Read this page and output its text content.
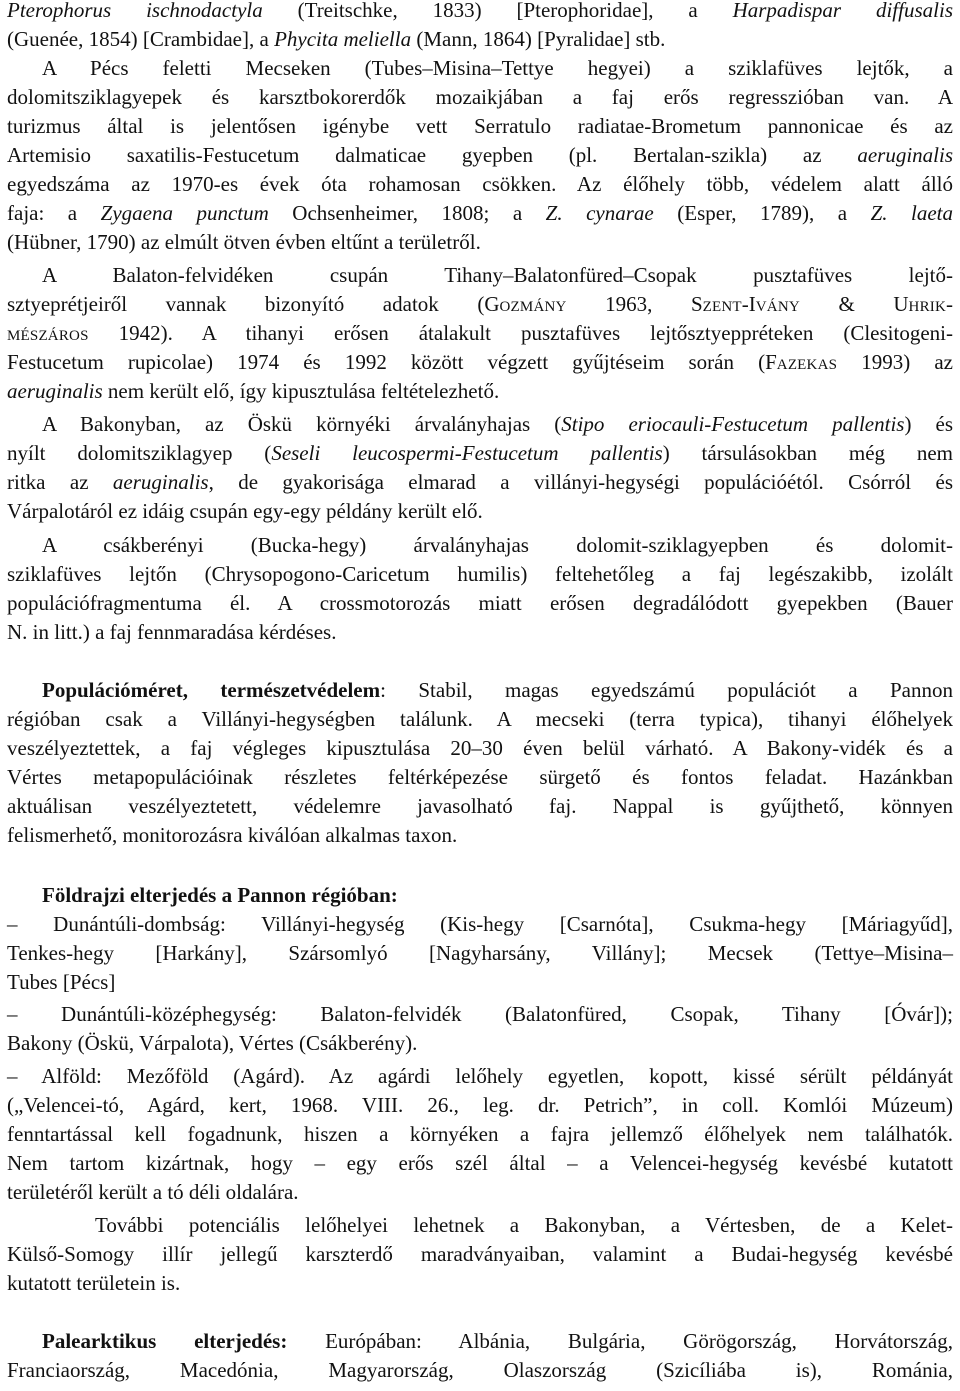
Pterophorus ischnodactyla (Treitschke, 1833) [Pterophoridae], a Harpadispar diffusalis
(Guenée, 1854) [Crambidae], a Phycita meliella (Mann, 1864) [Pyralidae] stb.
A Pécs feletti Mecseken (Tubes–Misina–Tettye hegyei) a sziklafüves lejtők, a
dolomitsziklagyepek és karsztbokorerdők mozaikjában a faj erős regresszióban van. A
turizmus által is jelentősen igénybe vett Serratulo radiatae-Brometum pannonicae és az
Artemisio saxatilis-Festucetum dalmaticae gyepben (pl. Bertalan-szikla) az aeruginalis
egyedszáma az 1970-es évek óta rohamosan csökken. Az élőhely több, védelem alatt álló
faja: a Zygaena punctum Ochsenheimer, 1808; a Z. cynarae (Esper, 1789), a Z. laeta
(Hübner, 1790) az elmúlt ötven évben eltűnt a területről.
A Balaton-felvidéken csupán Tihany–Balatonfüred–Csopak pusztafüves lejtő-
sztyeprétjeiről vannak bizonyító adatok (GOZMÁNY 1963, SZENT-IVÁNY & UHRIK-
MÉSZÁROS 1942). A tihanyi erősen átalakult pusztafüves lejtősztyeppréteken (Clesitogeni-
Festucetum rupicolae) 1974 és 1992 között végzett gyűjtéseim során (FAZEKAS 1993) az
aeruginalis nem került elő, így kipusztulása feltételezhető.
A Bakonyban, az Öskü környéki árvalányhajas (Stipo eriocauli-Festucetum pallentis) és
nyílt dolomitsziklagyep (Seseli leucospermi-Festucetum pallentis) társulásokban még nem
ritka az aeruginalis, de gyakorisága elmarad a villányi-hegységi populációétól. Csórról és
Várpalotáról ez idáig csupán egy-egy példány került elő.
A csákberényi (Bucka-hegy) árvalányhajas dolomit-sziklagyepben és dolomit-
sziklafüves lejtőn (Chrysopogono-Caricetum humilis) feltehetőleg a faj legészakibb, izolált
populációfragmentuma él. A crossmotorozás miatt erősen degradálódott gyepekben (Bauer
N. in litt.) a faj fennmaradása kérdéses.
Populációméret, természetvédelem: Stabil, magas egyedszámú populációt a Pannon
régióban csak a Villányi-hegységben találunk. A mecseki (terra typica), tihanyi élőhelyek
veszélyeztettek, a faj végleges kipusztulása 20–30 éven belül várható. A Bakony-vidék és a
Vértes metapopulációinak részletes feltérképezése sürgető és fontos feladat. Hazánkban
aktuálisan veszélyeztetett, védelemre javasolható faj. Nappal is gyűjthető, könnyen
felismerhető, monitorozásra kiválóan alkalmas taxon.
Földrajzi elterjedés a Pannon régióban:
– Dunántúli-dombság: Villányi-hegység (Kis-hegy [Csarnóta], Csukma-hegy [Máriagyűd],
Tenkes-hegy [Harkány], Szársomlyó [Nagyharsány, Villány]; Mecsek (Tettye–Misina–
Tubes [Pécs]
– Dunántúli-középhegység: Balaton-felvidék (Balatonfüred, Csopak, Tihany [Óvár]);
Bakony (Öskü, Várpalota), Vértes (Csákberény).
– Alföld: Mezőföld (Agárd). Az agárdi lelőhely egyetlen, kopott, kissé sérült példányát
(„Velencei-tó, Agárd, kert, 1968. VIII. 26., leg. dr. Petrich”, in coll. Komlói Múzeum)
fenntartással kell fogadnunk, hiszen a környéken a fajra jellemző élőhelyek nem találhatók.
Nem tartom kizártnak, hogy – egy erős szél által – a Velencei-hegység kevésbé kutatott
területéről került a tó déli oldalára.
További potenciális lelőhelyei lehetnek a Bakonyban, a Vértesben, de a Kelet-
Külső-Somogy illír jellegű karszterdő maradványaiban, valamint a Budai-hegység kevésbé
kutatott területein is.
Palearktikus elterjedés: Európában: Albánia, Bulgária, Görögország, Horvátország,
Franciaország, Macedónia, Magyarország, Olaszország (Szicíliába is), Románia,
